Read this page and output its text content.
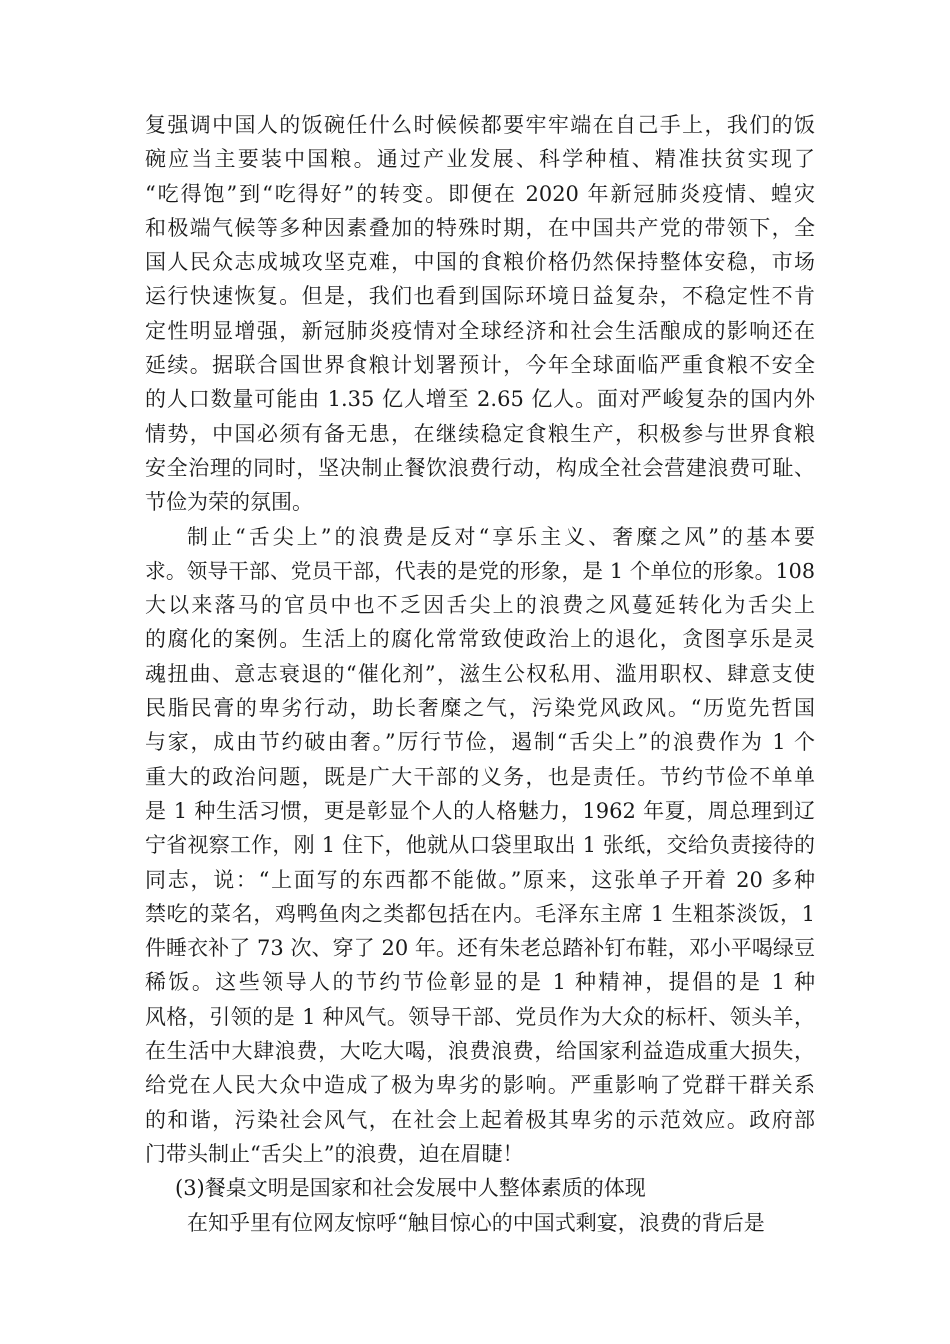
复强调中国人的饭碗任什么时候候都要牢牢端在自己手上，我们的饭
碗应当主要装中国粮。通过产业发展、科学种植、精准扶贫实现了
“吃得饱”到“吃得好”的转变。即便在 2020 年新冠肺炎疫情、蝗灾
和极端气候等多种因素叠加的特殊时期，在中国共产党的带领下，全
国人民众志成城攻坚克难，中国的食粮价格仍然保持整体安稳，市场
运行快速恢复。但是，我们也看到国际环境日益复杂，不稳定性不肯
定性明显增强，新冠肺炎疫情对全球经济和社会生活酿成的影响还在
延续。据联合国世界食粮计划署预计，今年全球面临严重食粮不安全
的人口数量可能由 1.35 亿人增至 2.65 亿人。面对严峻复杂的国内外
情势，中国必须有备无患，在继续稳定食粮生产，积极参与世界食粮
安全治理的同时，坚决制止餐饮浪费行动，构成全社会营建浪费可耻、
节俭为荣的氛围。
制止“舌尖上”的浪费是反对“享乐主义、奢糜之风”的基本要
求。领导干部、党员干部，代表的是党的形象，是 1 个单位的形象。108
大以来落马的官员中也不乏因舌尖上的浪费之风蔓延转化为舌尖上
的腐化的案例。生活上的腐化常常致使政治上的退化，贪图享乐是灵
魂扭曲、意志衰退的“催化剂”，滋生公权私用、滥用职权、肆意支使
民脂民膏的卑劣行动，助长奢糜之气，污染党风政风。“历览先哲国
与家，成由节约破由奢。”厉行节俭，遏制“舌尖上”的浪费作为 1 个
重大的政治问题，既是广大干部的义务，也是责任。节约节俭不单单
是 1 种生活习惯，更是彰显个人的人格魅力，1962 年夏，周总理到辽
宁省视察工作，刚 1 住下，他就从口袋里取出 1 张纸，交给负责接待的
同志，说：“上面写的东西都不能做。”原来，这张单子开着 20 多种
禁吃的菜名，鸡鸭鱼肉之类都包括在内。毛泽东主席 1 生粗茶淡饭，1
件睡衣补了 73 次、穿了 20 年。还有朱老总踏补钉布鞋，邓小平喝绿豆
稀饭。这些领导人的节约节俭彰显的是 1 种精神，提倡的是 1 种
风格，引领的是 1 种风气。领导干部、党员作为大众的标杆、领头羊，
在生活中大肆浪费，大吃大喝，浪费浪费，给国家利益造成重大损失，
给党在人民大众中造成了极为卑劣的影响。严重影响了党群干群关系
的和谐，污染社会风气，在社会上起着极其卑劣的示范效应。政府部
门带头制止“舌尖上”的浪费，迫在眉睫！
(3)餐桌文明是国家和社会发展中人整体素质的体现
在知乎里有位网友惊呼“触目惊心的中国式剩宴，浪费的背后是
